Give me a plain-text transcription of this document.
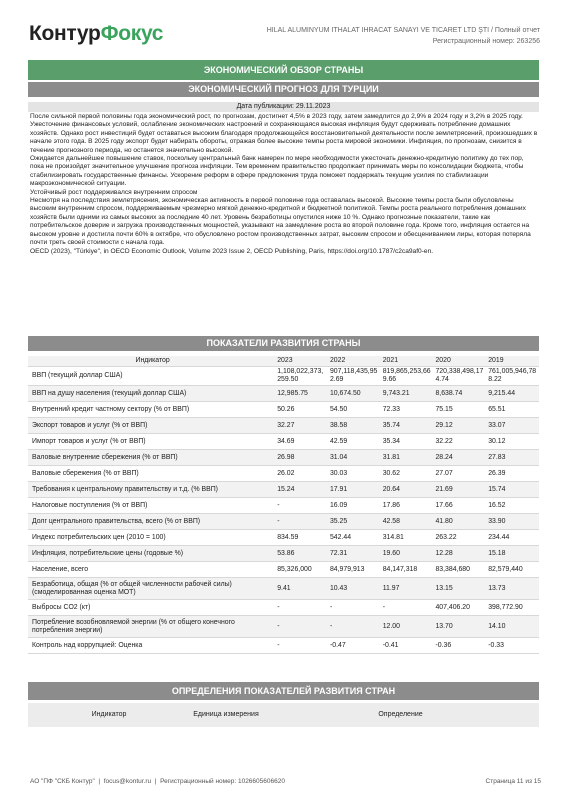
КонтурФокус	HILAL ALUMINYUM ITHALAT IHRACAT SANAYI VE TICARET LTD ŞTI / Полный отчет
Регистрационный номер: 263256
ЭКОНОМИЧЕСКИЙ ОБЗОР СТРАНЫ
ЭКОНОМИЧЕСКИЙ ПРОГНОЗ ДЛЯ ТУРЦИИ
Дата публикации: 29.11.2023

После сильной первой половины года экономический рост, по прогнозам, достигнет 4,5% в 2023 году, затем замедлится до 2,9% в 2024 году и 3,2% в 2025 году. Ужесточение финансовых условий, ослабление экономических настроений и сохраняющаяся высокая инфляция будут сдерживать потребление домашних хозяйств. Однако рост инвестиций будет оставаться высоким благодаря продолжающейся восстановительной деятельности после землетрясений, произошедших в начале этого года. В 2025 году экспорт будет набирать обороты, отражая более высокие темпы роста мировой экономики. Инфляция, по прогнозам, снизится в течение прогнозного периода, но останется значительно высокой.

Ожидается дальнейшее повышение ставок, поскольку центральный банк намерен по мере необходимости ужесточать денежно-кредитную политику до тех пор, пока не произойдет значительное улучшение прогноза инфляции. Тем временем правительство продолжает принимать меры по консолидации бюджета, чтобы стабилизировать государственные финансы. Ускорение реформ в сфере предложения труда поможет поддержать текущие усилия по стабилизации макроэкономической ситуации.

Устойчивый рост поддерживался внутренним спросом

Несмотря на последствия землетрясения, экономическая активность в первой половине года оставалась высокой. Высокие темпы роста были обусловлены высоким внутренним спросом, поддерживаемым чрезмерно мягкой денежно-кредитной и бюджетной политикой. Темпы роста реального потребления домашних хозяйств были одними из самых высоких за последние 40 лет. Уровень безработицы опустился ниже 10 %. Однако прогнозные показатели, такие как потребительское доверие и загрузка производственных мощностей, указывают на замедление роста во второй половине года. Кроме того, инфляция остается на высоком уровне и достигла почти 60% в октябре, что обусловлено ростом производственных затрат, высоким спросом и обесцениванием лиры, которая потеряла почти треть своей стоимости с начала года.

OECD (2023), "Türkiye", in OECD Economic Outlook, Volume 2023 Issue 2, OECD Publishing, Paris, https://doi.org/10.1787/c2ca9af0-en.

ПОКАЗАТЕЛИ РАЗВИТИЯ СТРАНЫ
Индикатор	2023	2022	2021	2020	2019
ВВП (текущий доллар США)	1,108,022,373,259.50	907,118,435,952.69	819,865,253,669.66	720,338,498,174.74	761,005,946,788.22
ВВП на душу населения (текущий доллар США)	12,985.75	10,674.50	9,743.21	8,638.74	9,215.44
Внутренний кредит частному сектору (% от ВВП)	50.26	54.50	72.33	75.15	65.51
Экспорт товаров и услуг (% от ВВП)	32.27	38.58	35.74	29.12	33.07
Импорт товаров и услуг (% от ВВП)	34.69	42.59	35.34	32.22	30.12
Валовые внутренние сбережения (% от ВВП)	26.98	31.04	31.81	28.24	27.83
Валовые сбережения (% от ВВП)	26.02	30.03	30.62	27.07	26.39
Требования к центральному правительству и т.д. (% ВВП)	15.24	17.91	20.64	21.69	15.74
Налоговые поступления (% от ВВП)	-	16.09	17.86	17.66	16.52
Долг центрального правительства, всего (% от ВВП)	-	35.25	42.58	41.80	33.90
Индекс потребительских цен (2010 = 100)	834.59	542.44	314.81	263.22	234.44
Инфляция, потребительские цены (годовые %)	53.86	72.31	19.60	12.28	15.18
Население, всего	85,326,000	84,979,913	84,147,318	83,384,680	82,579,440
Безработица, общая (% от общей численности рабочей силы) (смоделированная оценка МОТ)	9.41	10.43	11.97	13.15	13.73
Выбросы CO2 (кт)	-	-	-	407,406.20	398,772.90
Потребление возобновляемой энергии (% от общего конечного потребления энергии)	-	-	12.00	13.70	14.10
Контроль над коррупцией: Оценка	-	-0.47	-0.41	-0.36	-0.33
ОПРЕДЕЛЕНИЯ ПОКАЗАТЕЛЕЙ РАЗВИТИЯ СТРАН
Индикатор	Единица измерения	Определение
АО "ПФ "СКБ Контур"  |  focus@kontur.ru  |  Регистрационный номер: 1026605606620	Страница 11 из 15
